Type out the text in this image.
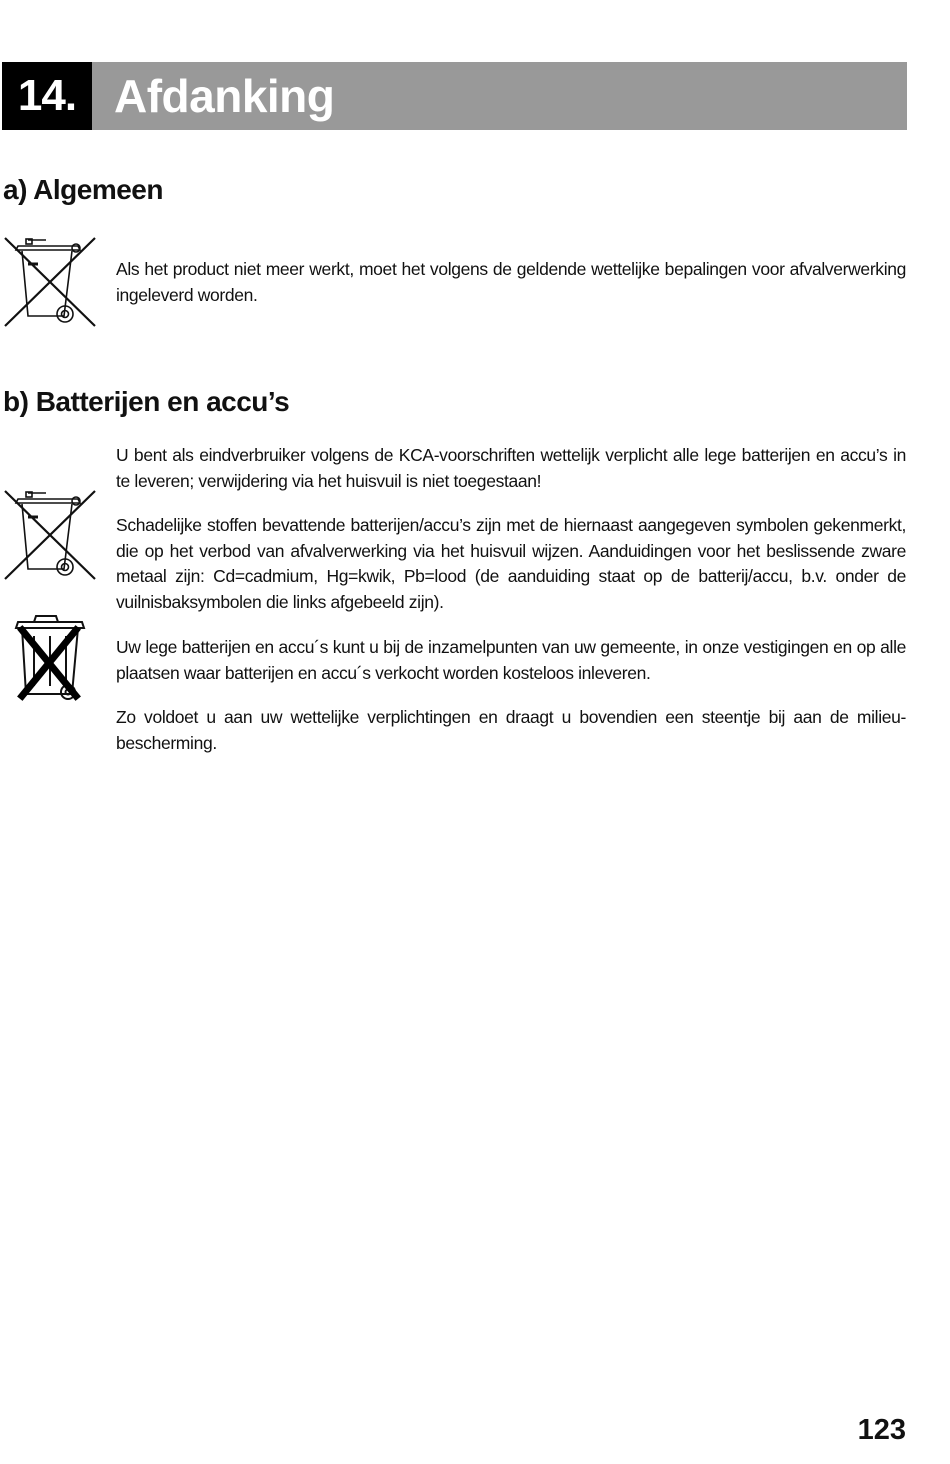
14. Afdanking
a) Algemeen

Als het product niet meer werkt, moet het volgens de geldende wettelijke bepalingen voor afvalverwerking ingeleverd worden.

b) Batterijen en accu’s

U bent als eindverbruiker volgens de KCA-voorschriften wettelijk verplicht alle lege batterijen en accu’s in te leveren; verwijdering via het huisvuil is niet toegestaan!

Schadelijke stoffen bevattende batterijen/accu’s zijn met de hiernaast aangegeven symbolen gekenmerkt, die op het verbod van afvalverwerking via het huisvuil wijzen. Aanduidingen voor het beslissende zware metaal zijn: Cd=cadmium, Hg=kwik, Pb=lood (de aanduiding staat op de batterij/accu, b.v. onder de vuilnisbaksymbolen die links afgebeeld zijn).

Uw lege batterijen en accu´s kunt u bij de inzamelpunten van uw gemeente, in onze vestigingen en op alle plaatsen waar batterijen en accu´s verkocht worden kosteloos inleveren.

Zo voldoet u aan uw wettelijke verplichtingen en draagt u bovendien een steentje bij aan de milieu-bescherming.

123
